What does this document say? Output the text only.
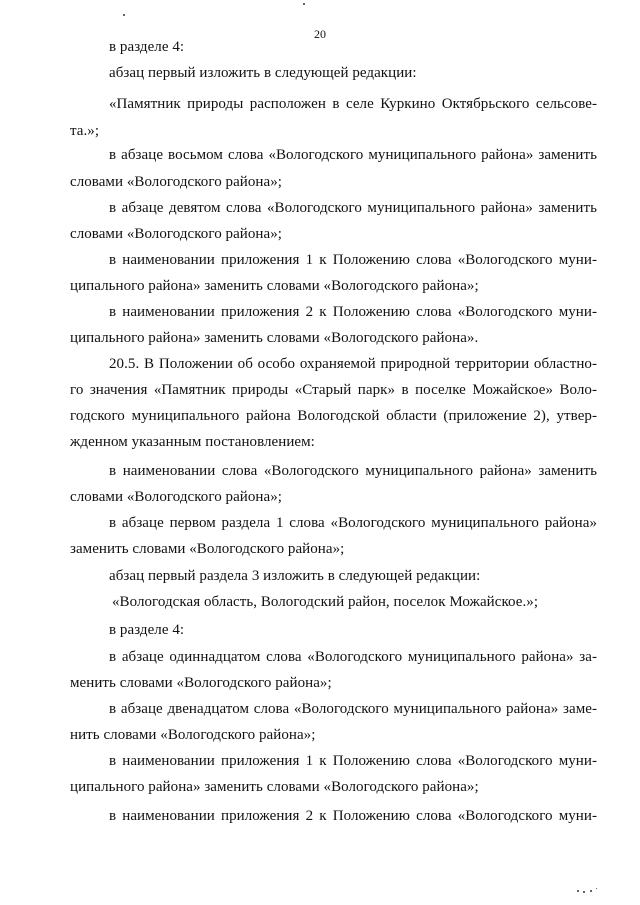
20
в разделе 4:
абзац первый изложить в следующей редакции:
«Памятник природы расположен в селе Куркино Октябрьского сельсове-
та.»;
в абзаце восьмом слова «Вологодского муниципального района» заменить
словами «Вологодского района»;
в абзаце девятом слова «Вологодского муниципального района» заменить
словами «Вологодского района»;
в наименовании приложения 1 к Положению слова «Вологодского муни-
ципального района» заменить словами «Вологодского района»;
в наименовании приложения 2 к Положению слова «Вологодского муни-
ципального района» заменить словами «Вологодского района».
20.5. В Положении об особо охраняемой природной территории областно-
го значения «Памятник природы «Старый парк» в поселке Можайское» Воло-
годского муниципального района Вологодской области (приложение 2), утвер-
жденном указанным постановлением:
в наименовании слова «Вологодского муниципального района» заменить
словами «Вологодского района»;
в абзаце первом раздела 1 слова «Вологодского муниципального района»
заменить словами «Вологодского района»;
абзац первый раздела 3 изложить в следующей редакции:
«Вологодская область, Вологодский район, поселок Можайское.»;
в разделе 4:
в абзаце одиннадцатом слова «Вологодского муниципального района» за-
менить словами «Вологодского района»;
в абзаце двенадцатом слова «Вологодского муниципального района» заме-
нить словами «Вологодского района»;
в наименовании приложения 1 к Положению слова «Вологодского муни-
ципального района» заменить словами «Вологодского района»;
в наименовании приложения 2 к Положению слова «Вологодского муни-
